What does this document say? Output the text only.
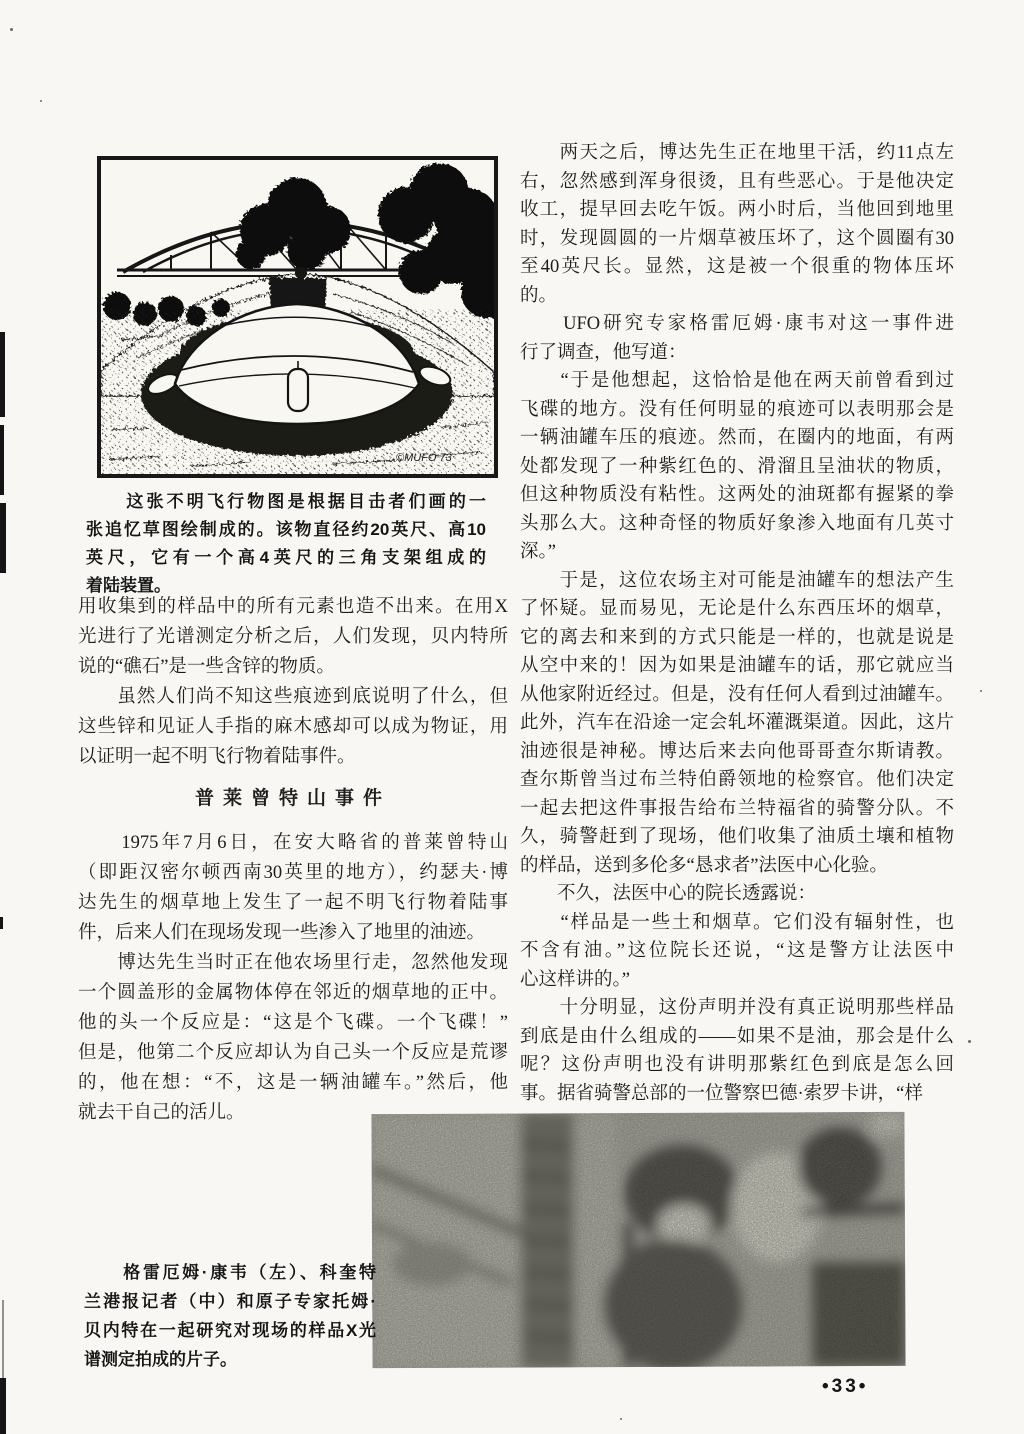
©MUFO 73
　　这张不明飞行物图是根据目击者们画的一
张追忆草图绘制成的。该物直径约20英尺、高10
英尺，它有一个高4英尺的三角支架组成的
着陆装置。
用收集到的样品中的所有元素也造不出来。在用X
光进行了光谱测定分析之后，人们发现，贝内特所
说的“礁石”是一些含锌的物质。
　　虽然人们尚不知这些痕迹到底说明了什么，但
这些锌和见证人手指的麻木感却可以成为物证，用
以证明一起不明飞行物着陆事件。
普莱曾特山事件
　　1975年7月6日，在安大略省的普莱曾特山
（即距汉密尔顿西南30英里的地方），约瑟夫·博
达先生的烟草地上发生了一起不明飞行物着陆事
件，后来人们在现场发现一些渗入了地里的油迹。
　　博达先生当时正在他农场里行走，忽然他发现
一个圆盖形的金属物体停在邻近的烟草地的正中。
他的头一个反应是：“这是个飞碟。一个飞碟！”
但是，他第二个反应却认为自己头一个反应是荒谬
的，他在想：“不，这是一辆油罐车。”然后，他
就去干自己的活儿。
　　两天之后，博达先生正在地里干活，约11点左
右，忽然感到浑身很烫，且有些恶心。于是他决定
收工，提早回去吃午饭。两小时后，当他回到地里
时，发现圆圆的一片烟草被压坏了，这个圆圈有30
至40英尺长。显然，这是被一个很重的物体压坏
的。
　　UFO研究专家格雷厄姆·康韦对这一事件进
行了调查，他写道：
　　“于是他想起，这恰恰是他在两天前曾看到过
飞碟的地方。没有任何明显的痕迹可以表明那会是
一辆油罐车压的痕迹。然而，在圈内的地面，有两
处都发现了一种紫红色的、滑溜且呈油状的物质，
但这种物质没有粘性。这两处的油斑都有握紧的拳
头那么大。这种奇怪的物质好象渗入地面有几英寸
深。”
　　于是，这位农场主对可能是油罐车的想法产生
了怀疑。显而易见，无论是什么东西压坏的烟草，
它的离去和来到的方式只能是一样的，也就是说是
从空中来的！因为如果是油罐车的话，那它就应当
从他家附近经过。但是，没有任何人看到过油罐车。
此外，汽车在沿途一定会轧坏灌溉渠道。因此，这片
油迹很是神秘。博达后来去向他哥哥查尔斯请教。
查尔斯曾当过布兰特伯爵领地的检察官。他们决定
一起去把这件事报告给布兰特福省的骑警分队。不
久，骑警赶到了现场，他们收集了油质土壤和植物
的样品，送到多伦多“恳求者”法医中心化验。
　　不久，法医中心的院长透露说：
　　“样品是一些土和烟草。它们没有辐射性，也
不含有油。”这位院长还说，“这是警方让法医中
心这样讲的。”
　　十分明显，这份声明并没有真正说明那些样品
到底是由什么组成的——如果不是油，那会是什么
呢？这份声明也没有讲明那紫红色到底是怎么回
事。据省骑警总部的一位警察巴德·索罗卡讲，“样
　　格雷厄姆·康韦（左）、科奎特
兰港报记者（中）和原子专家托姆·
贝内特在一起研究对现场的样品X光
谱测定拍成的片子。
•33•
